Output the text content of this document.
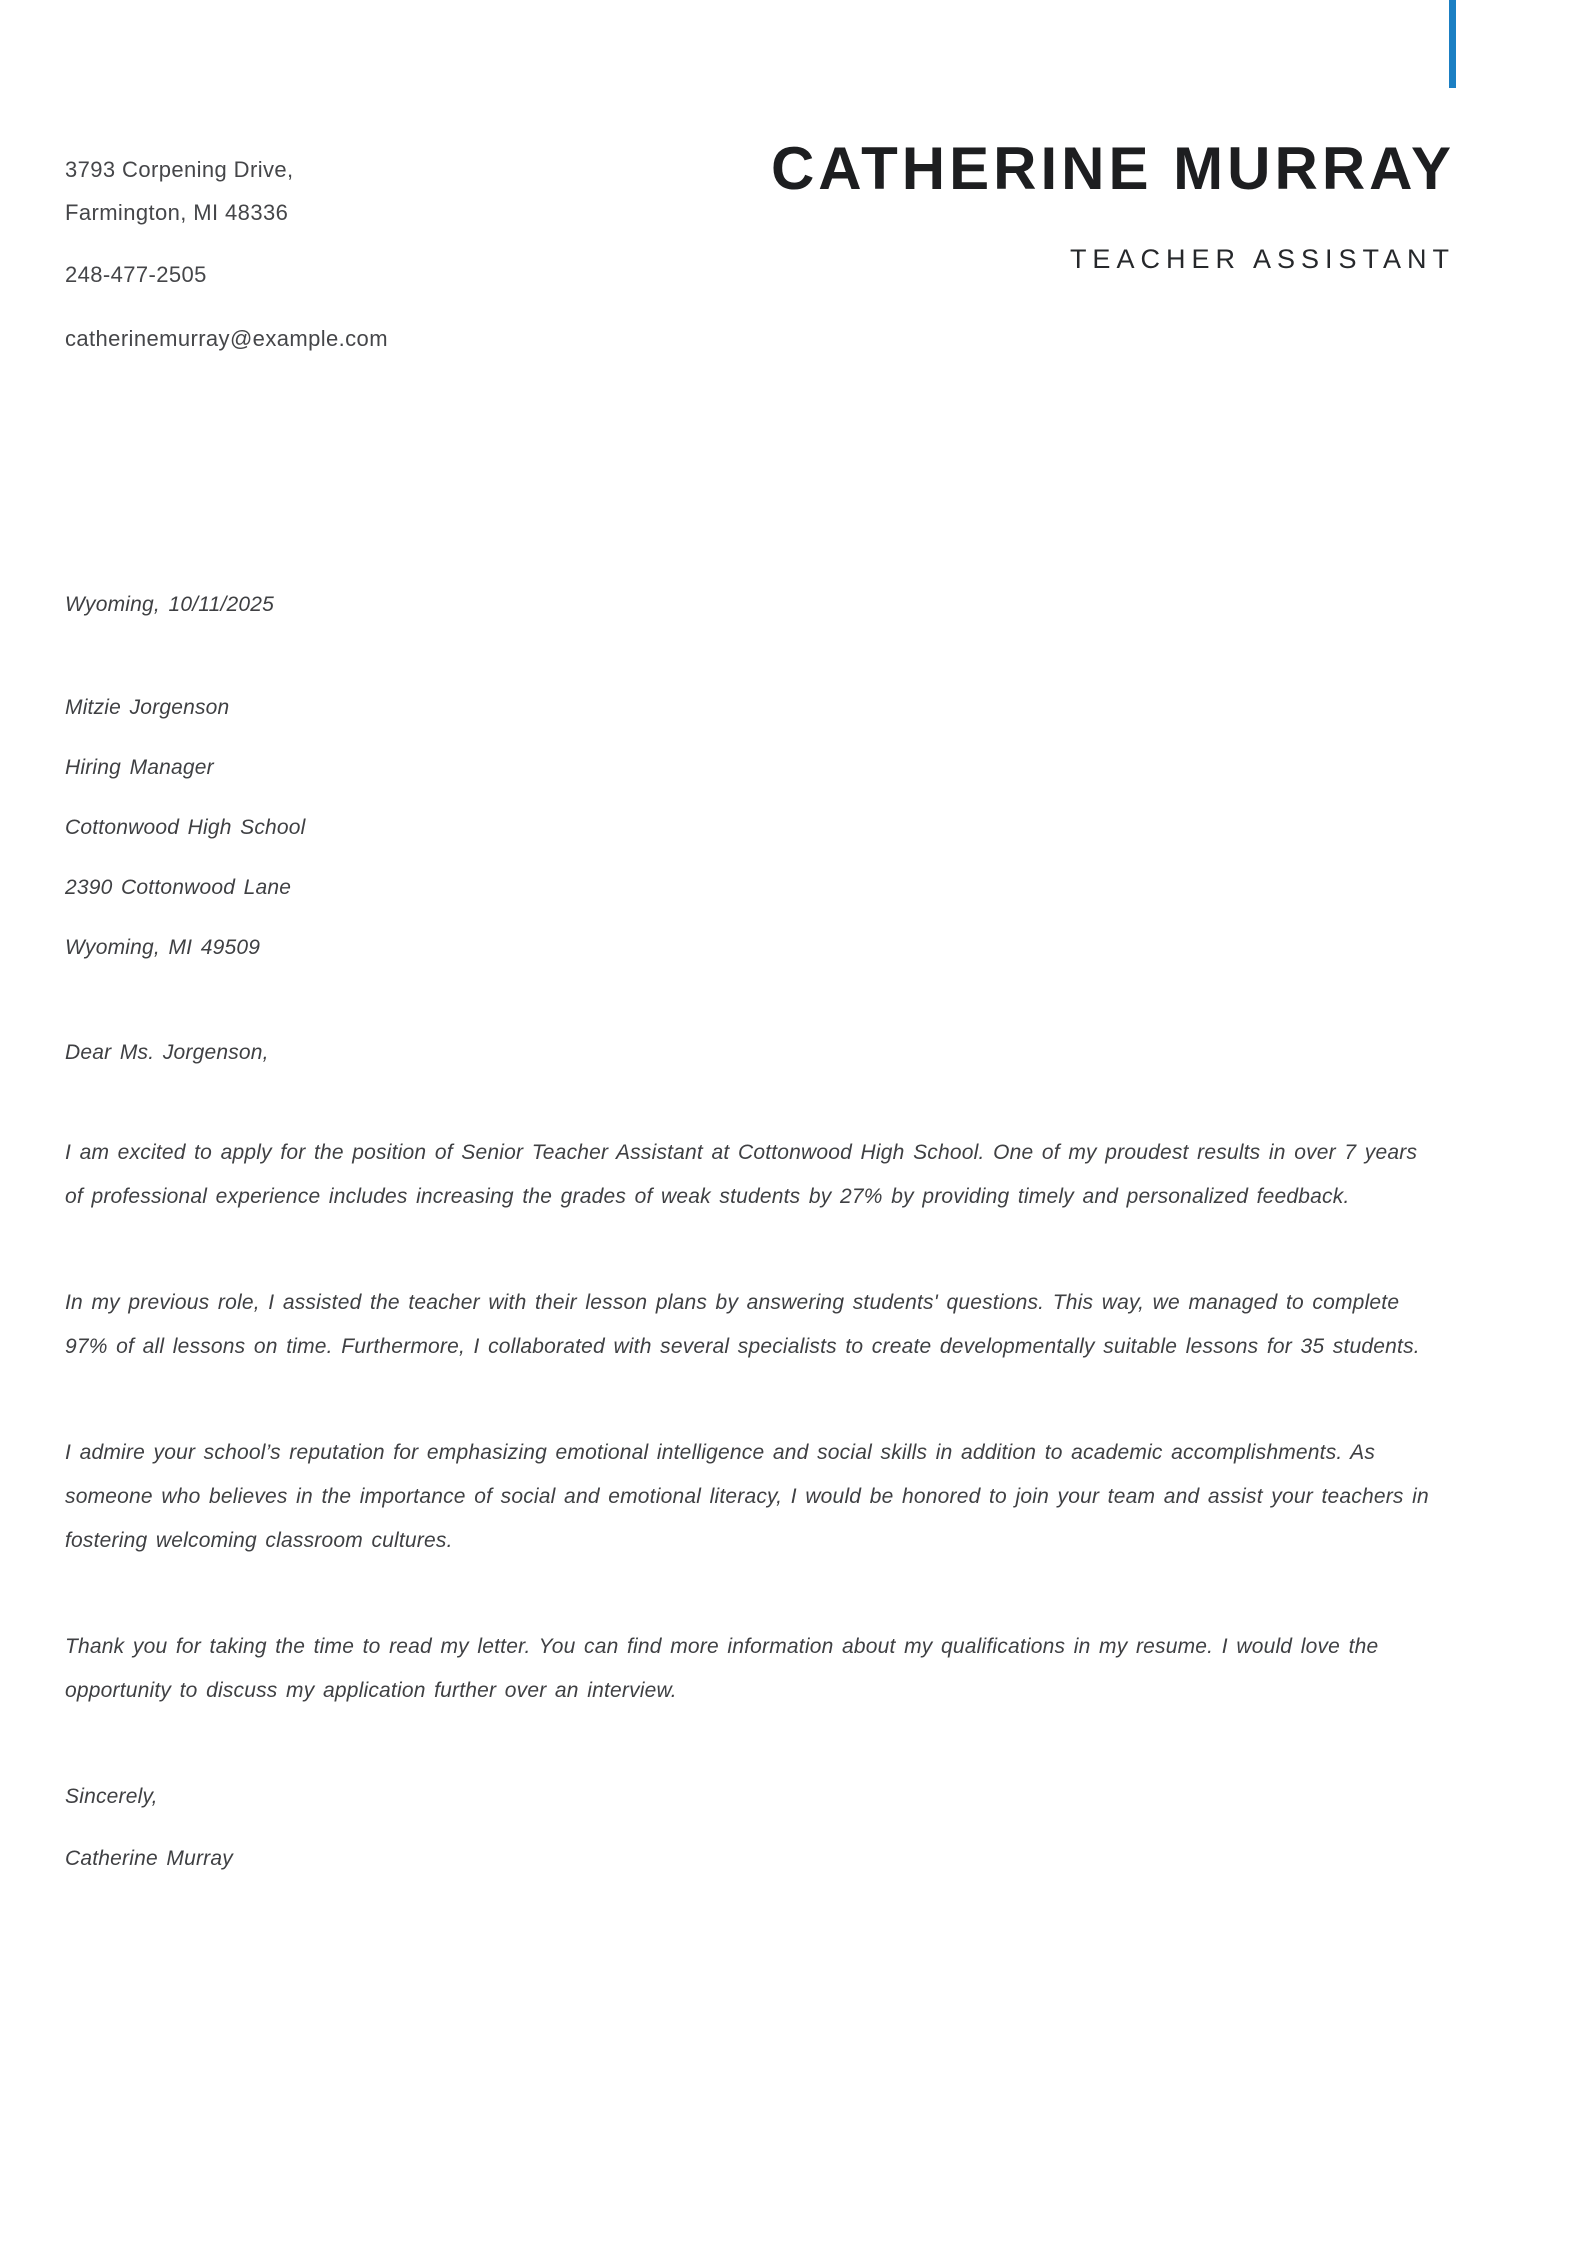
3793 Corpening Drive,

Farmington, MI 48336

248-477-2505

catherinemurray@example.com

CATHERINE MURRAY
TEACHER ASSISTANT

Wyoming, 10/11/2025

Mitzie Jorgenson

Hiring Manager

Cottonwood High School

2390 Cottonwood Lane

Wyoming, MI 49509

Dear Ms. Jorgenson,

I am excited to apply for the position of Senior Teacher Assistant at Cottonwood High School. One of my proudest results in over 7 years of professional experience includes increasing the grades of weak students by 27% by providing timely and personalized feedback.

In my previous role, I assisted the teacher with their lesson plans by answering students' questions. This way, we managed to complete 97% of all lessons on time. Furthermore, I collaborated with several specialists to create developmentally suitable lessons for 35 students.

I admire your school’s reputation for emphasizing emotional intelligence and social skills in addition to academic accomplishments. As someone who believes in the importance of social and emotional literacy, I would be honored to join your team and assist your teachers in fostering welcoming classroom cultures.

Thank you for taking the time to read my letter. You can find more information about my qualifications in my resume. I would love the opportunity to discuss my application further over an interview.

Sincerely,

Catherine Murray
